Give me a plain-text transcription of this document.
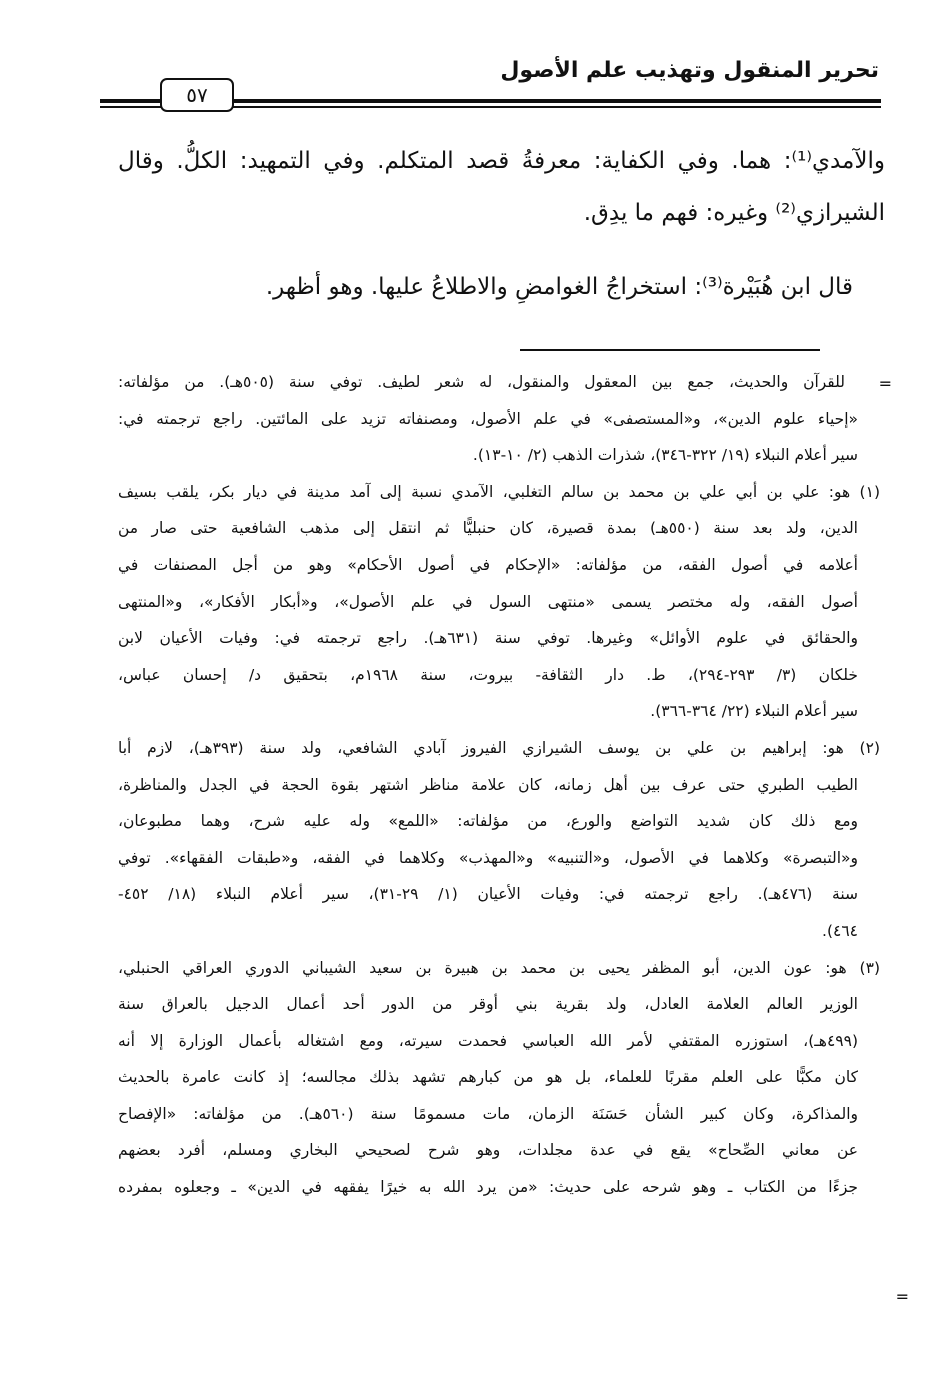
تحرير المنقول وتهذيب علم الأصول
٥٧
والآمدي⁽¹⁾: هما. وفي الكفاية: معرفةُ قصد المتكلم. وفي التمهيد: الكلُّ. وقال
الشيرازي⁽²⁾ وغيره: فهم ما يدِق.
قال ابن هُبَيْرة⁽³⁾: استخراجُ الغوامضِ والاطلاعُ عليها. وهو أظهر.
=
=
للقرآن والحديث، جمع بين المعقول والمنقول، له شعر لطيف. توفي سنة (٥٠٥هـ). من مؤلفاته:
«إحياء علوم الدين»، و«المستصفى» في علم الأصول، ومصنفاته تزيد على المائتين. راجع ترجمته في:
سير أعلام النبلاء (١٩/ ٣٢٢-٣٤٦)، شذرات الذهب (٢/ ١٠-١٣).
(١) هو: علي بن أبي علي بن محمد بن سالم التغلبي، الآمدي نسبة إلى آمد مدينة في ديار بكر، يلقب بسيف
الدين، ولد بعد سنة (٥٥٠هـ) بمدة قصيرة، كان حنبليًّا ثم انتقل إلى مذهب الشافعية حتى صار من
أعلامه في أصول الفقه، من مؤلفاته: «الإحكام في أصول الأحكام» وهو من أجل المصنفات في
أصول الفقه، وله مختصر يسمى «منتهى السول في علم الأصول»، و«أبكار الأفكار»، و«المنتهى
والحقائق في علوم الأوائل» وغيرها. توفي سنة (٦٣١هـ). راجع ترجمته في: وفيات الأعيان لابن
خلكان (٣/ ٢٩٣-٢٩٤)، ط. دار الثقافة- بيروت، سنة ١٩٦٨م، بتحقيق د/ إحسان عباس،
سير أعلام النبلاء (٢٢/ ٣٦٤-٣٦٦).
(٢) هو: إبراهيم بن علي بن يوسف الشيرازي الفيروز آبادي الشافعي، ولد سنة (٣٩٣هـ)، لازم أبا
الطيب الطبري حتى عرف بين أهل زمانه، كان علامة مناظر اشتهر بقوة الحجة في الجدل والمناظرة،
ومع ذلك كان شديد التواضع والورع، من مؤلفاته: «اللمع» وله عليه شرح، وهما مطبوعان،
و«التبصرة» وكلاهما في الأصول، و«التنبيه» و«المهذب» وكلاهما في الفقه، و«طبقات الفقهاء». توفي
سنة (٤٧٦هـ). راجع ترجمته في: وفيات الأعيان (١/ ٢٩-٣١)، سير أعلام النبلاء (١٨/ ٤٥٢-
٤٦٤).
(٣) هو: عون الدين، أبو المظفر يحيى بن محمد بن هبيرة بن سعيد الشيباني الدوري العراقي الحنبلي،
الوزير العالم العلامة العادل، ولد بقرية بني أوقر من الدور أحد أعمال الدجيل بالعراق سنة
(٤٩٩هـ)، استوزره المقتفي لأمر الله العباسي فحمدت سيرته، ومع اشتغاله بأعمال الوزارة إلا أنه
كان مكبًّا على العلم مقربًا للعلماء، بل هو من كبارهم تشهد بذلك مجالسه؛ إذ كانت عامرة بالحديث
والمذاكرة، وكان كبير الشأن حَسَنَة الزمان، مات مسمومًا سنة (٥٦٠هـ). من مؤلفاته: «الإفصاح
عن معاني الصِّحاح» يقع في عدة مجلدات، وهو شرح لصحيحي البخاري ومسلم، أفرد بعضهم
جزءًا من الكتاب ـ وهو شرحه على حديث: «من يرد الله به خيرًا يفقهه في الدين» ـ وجعلوه بمفرده
